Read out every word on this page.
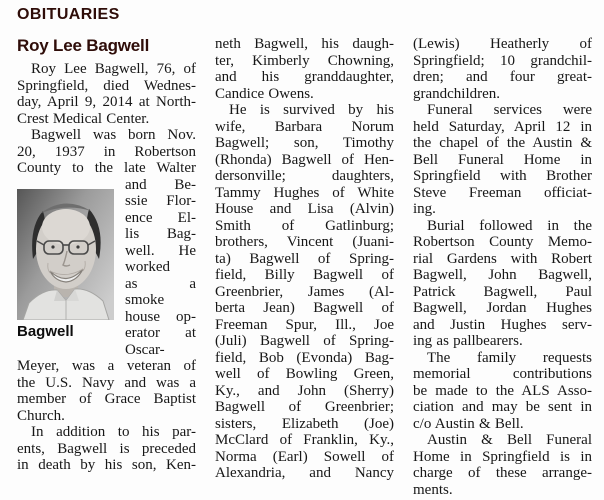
OBITUARIES
Roy Lee Bagwell
Roy Lee Bagwell, 76, of
Springfield, died Wednes-
day, April 9, 2014 at North-
Crest Medical Center.
Bagwell was born Nov.
20, 1937 in Robertson
County to the late Walter
Bagwell
and Be-
ssie Flor-
ence El-
lis Bag-
well. He
worked
as a
smoke
house op-
erator at
Oscar-
Meyer, was a veteran of
the U.S. Navy and was a
member of Grace Baptist
Church.
In addition to his par-
ents, Bagwell is preceded
in death by his son, Ken-
neth Bagwell, his daugh-
ter, Kimberly Chowning,
and his granddaughter,
Candice Owens.
He is survived by his
wife, Barbara Norum
Bagwell; son, Timothy
(Rhonda) Bagwell of Hen-
dersonville; daughters,
Tammy Hughes of White
House and Lisa (Alvin)
Smith of Gatlinburg;
brothers, Vincent (Juani-
ta) Bagwell of Spring-
field, Billy Bagwell of
Greenbrier, James (Al-
berta Jean) Bagwell of
Freeman Spur, Ill., Joe
(Juli) Bagwell of Spring-
field, Bob (Evonda) Bag-
well of Bowling Green,
Ky., and John (Sherry)
Bagwell of Greenbrier;
sisters, Elizabeth (Joe)
McClard of Franklin, Ky.,
Norma (Earl) Sowell of
Alexandria, and Nancy
(Lewis) Heatherly of
Springfield; 10 grandchil-
dren; and four great-
grandchildren.
Funeral services were
held Saturday, April 12 in
the chapel of the Austin &
Bell Funeral Home in
Springfield with Brother
Steve Freeman officiat-
ing.
Burial followed in the
Robertson County Memo-
rial Gardens with Robert
Bagwell, John Bagwell,
Patrick Bagwell, Paul
Bagwell, Jordan Hughes
and Justin Hughes serv-
ing as pallbearers.
The family requests
memorial contributions
be made to the ALS Asso-
ciation and may be sent in
c/o Austin & Bell.
Austin & Bell Funeral
Home in Springfield is in
charge of these arrange-
ments.
